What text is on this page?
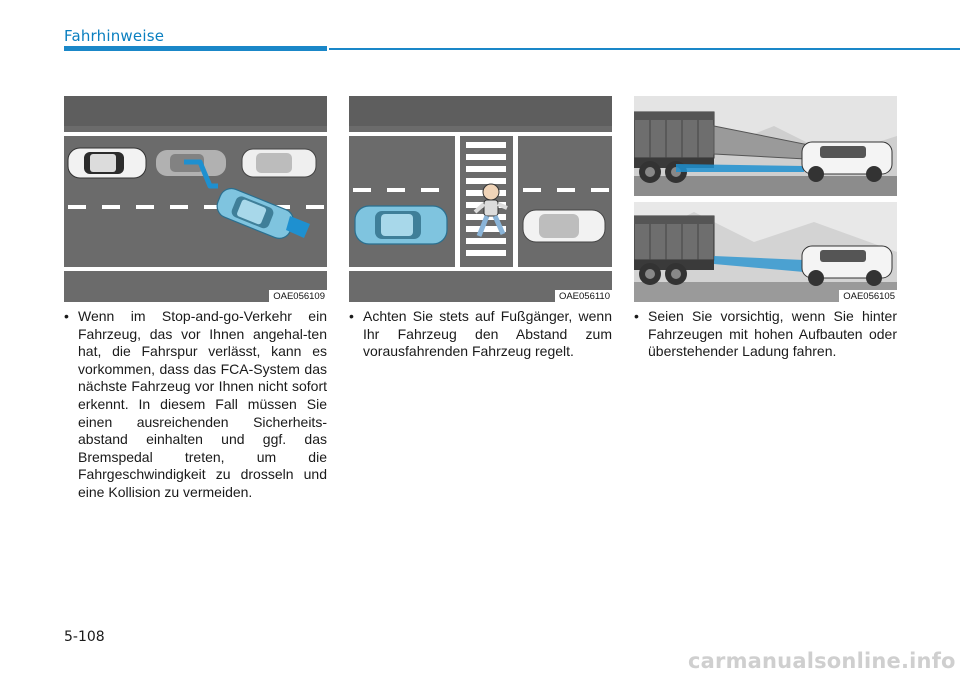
Fahrhinweise
OAE056109	OAE056110	OAE056105
• Wenn im Stop-and-go-Verkehr ein Fahrzeug, das vor Ihnen angehal-ten hat, die Fahrspur verlässt, kann es vorkommen, dass das FCA-System das nächste Fahrzeug vor Ihnen nicht sofort erkennt. In diesem Fall müssen Sie einen ausreichenden Sicherheits-abstand einhalten und ggf. das Bremspedal treten, um die Fahrgeschwindigkeit zu drosseln und eine Kollision zu vermeiden.
• Achten Sie stets auf Fußgänger, wenn Ihr Fahrzeug den Abstand zum vorausfahrenden Fahrzeug regelt.
• Seien Sie vorsichtig, wenn Sie hinter Fahrzeugen mit hohen Aufbauten oder überstehender Ladung fahren.
5-108
carmanualsonline.info
